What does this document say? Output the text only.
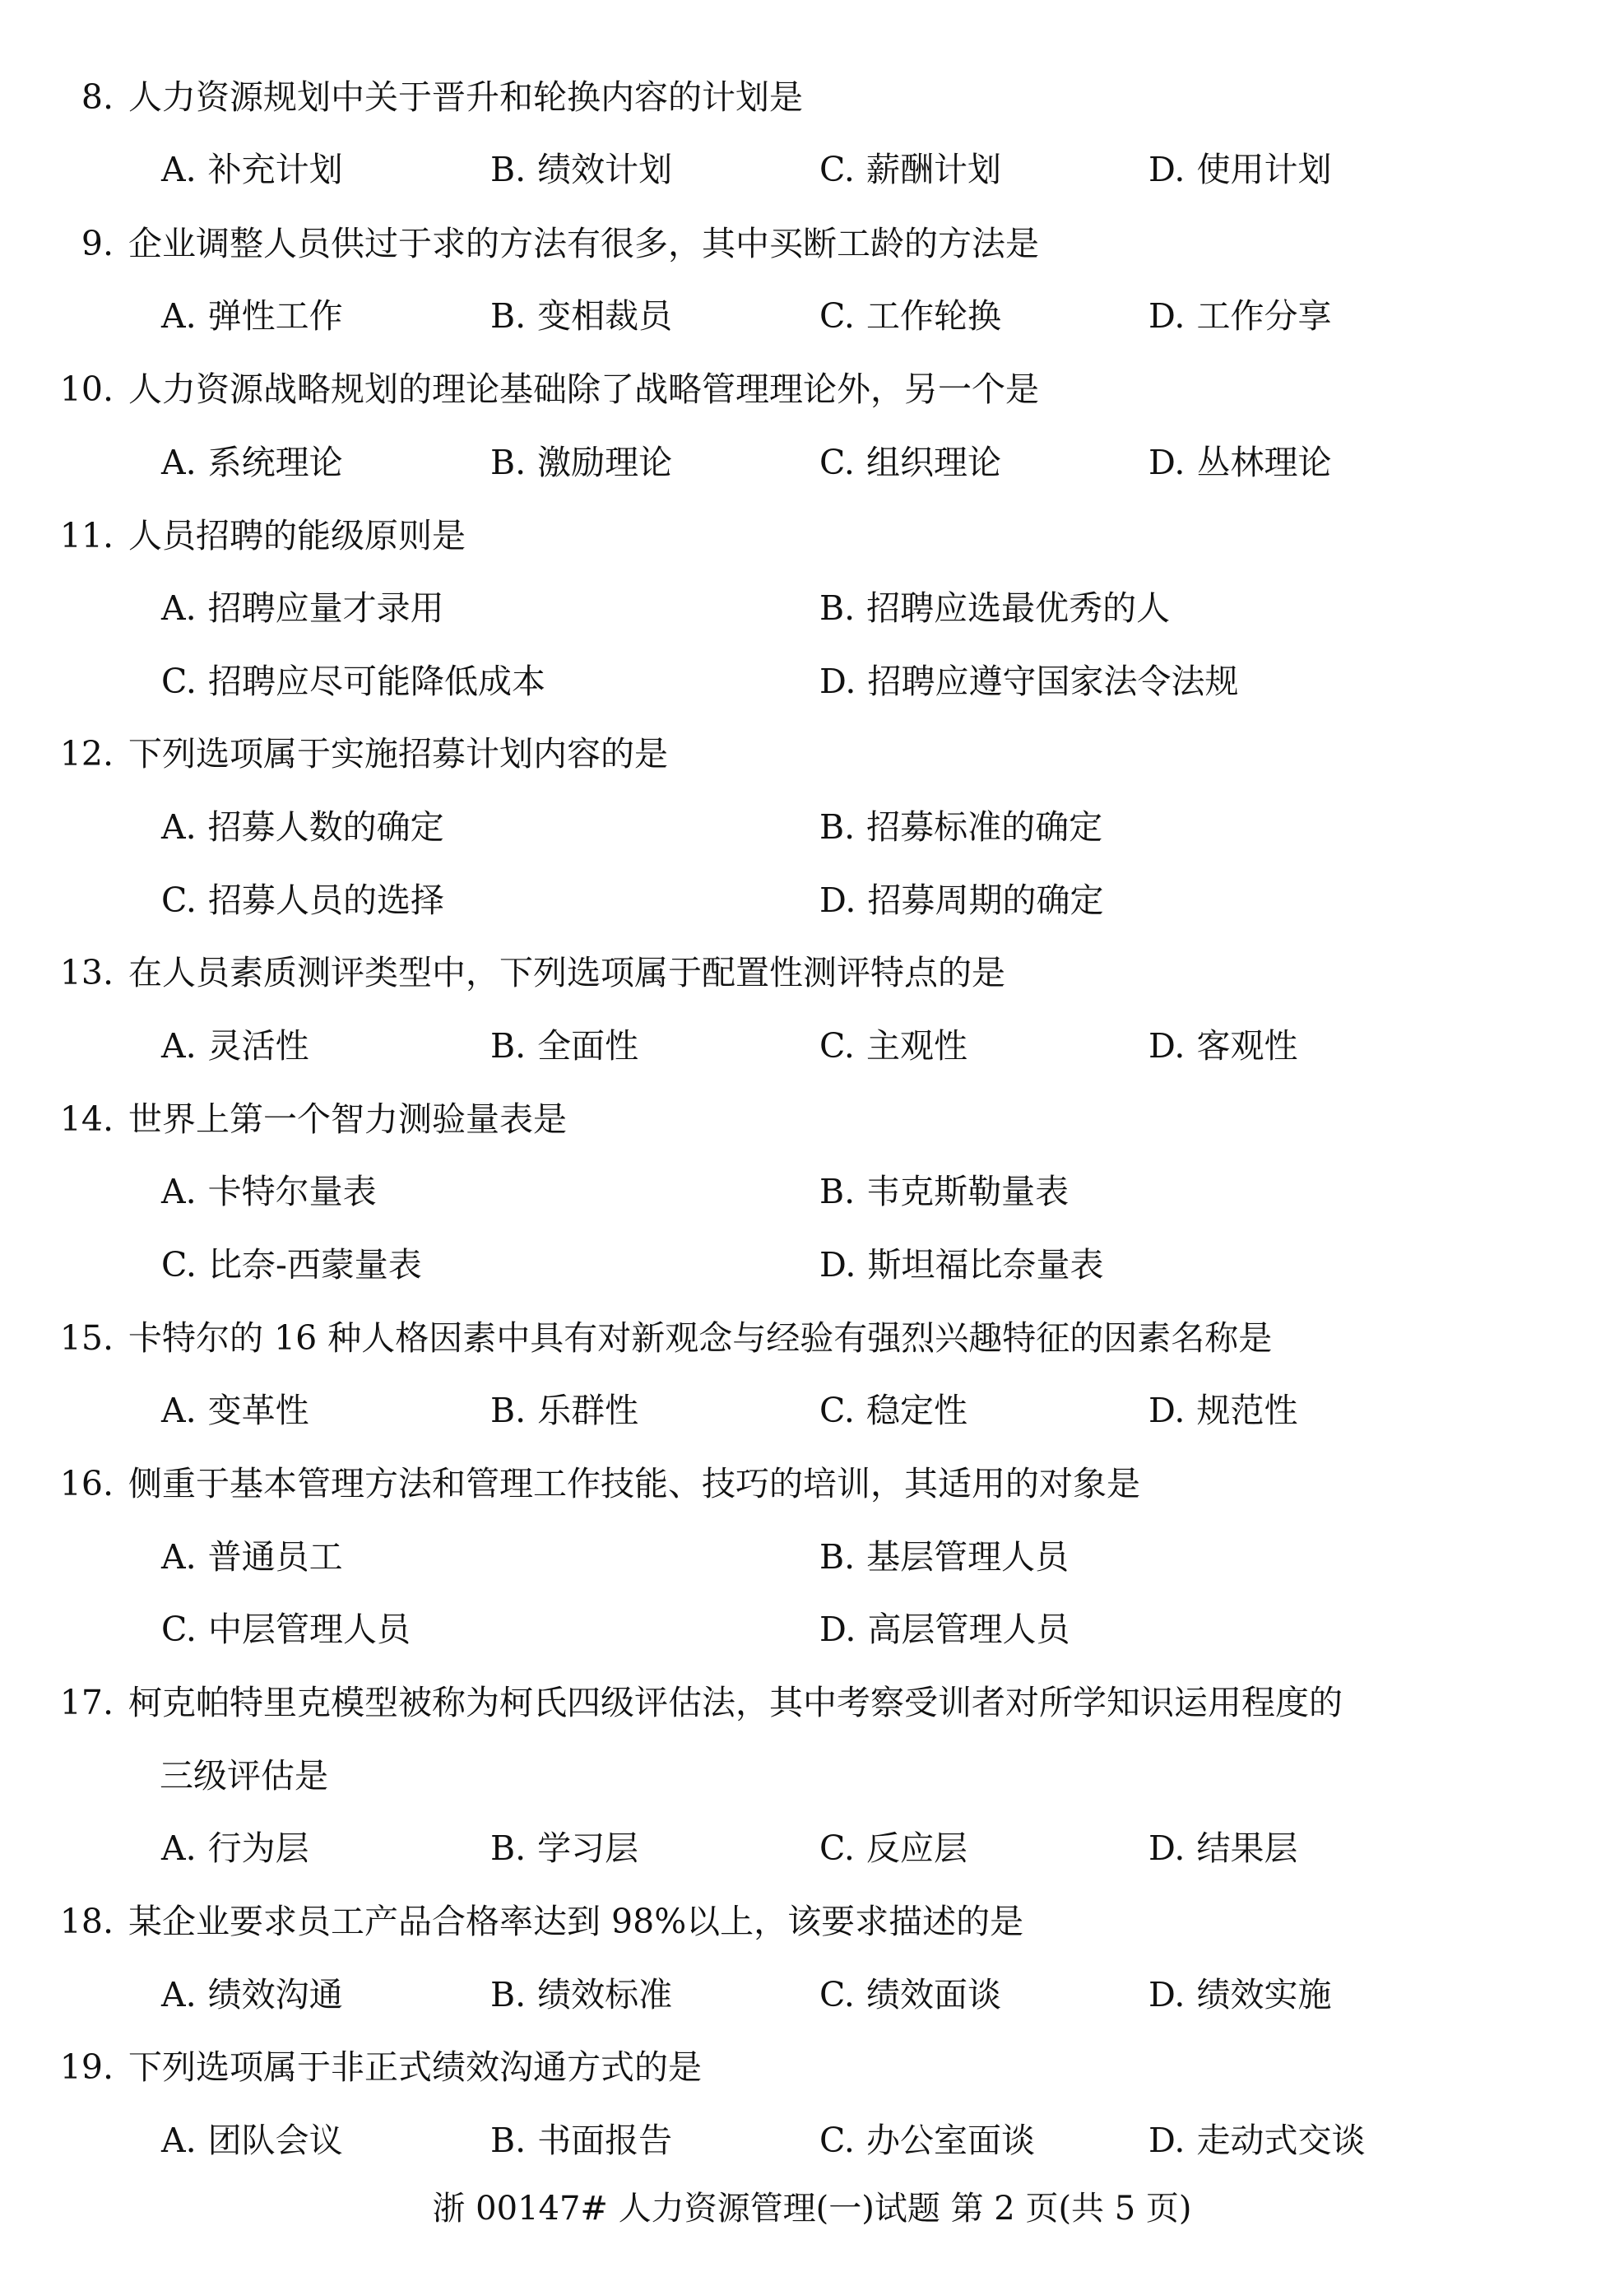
8. 人力资源规划中关于晋升和轮换内容的计划是
A. 补充计划	B. 绩效计划	C. 薪酬计划	D. 使用计划
9. 企业调整人员供过于求的方法有很多，其中买断工龄的方法是
A. 弹性工作	B. 变相裁员	C. 工作轮换	D. 工作分享
10. 人力资源战略规划的理论基础除了战略管理理论外，另一个是
A. 系统理论	B. 激励理论	C. 组织理论	D. 丛林理论
11. 人员招聘的能级原则是
A. 招聘应量才录用	B. 招聘应选最优秀的人
C. 招聘应尽可能降低成本	D. 招聘应遵守国家法令法规
12. 下列选项属于实施招募计划内容的是
A. 招募人数的确定	B. 招募标准的确定
C. 招募人员的选择	D. 招募周期的确定
13. 在人员素质测评类型中，下列选项属于配置性测评特点的是
A. 灵活性	B. 全面性	C. 主观性	D. 客观性
14. 世界上第一个智力测验量表是
A. 卡特尔量表	B. 韦克斯勒量表
C. 比奈-西蒙量表	D. 斯坦福比奈量表
15. 卡特尔的 16 种人格因素中具有对新观念与经验有强烈兴趣特征的因素名称是
A. 变革性	B. 乐群性	C. 稳定性	D. 规范性
16. 侧重于基本管理方法和管理工作技能、技巧的培训，其适用的对象是
A. 普通员工	B. 基层管理人员
C. 中层管理人员	D. 高层管理人员
17. 柯克帕特里克模型被称为柯氏四级评估法，其中考察受训者对所学知识运用程度的
三级评估是
A. 行为层	B. 学习层	C. 反应层	D. 结果层
18. 某企业要求员工产品合格率达到 98%以上，该要求描述的是
A. 绩效沟通	B. 绩效标准	C. 绩效面谈	D. 绩效实施
19. 下列选项属于非正式绩效沟通方式的是
A. 团队会议	B. 书面报告	C. 办公室面谈	D. 走动式交谈
浙 00147# 人力资源管理(一)试题 第 2 页(共 5 页)
